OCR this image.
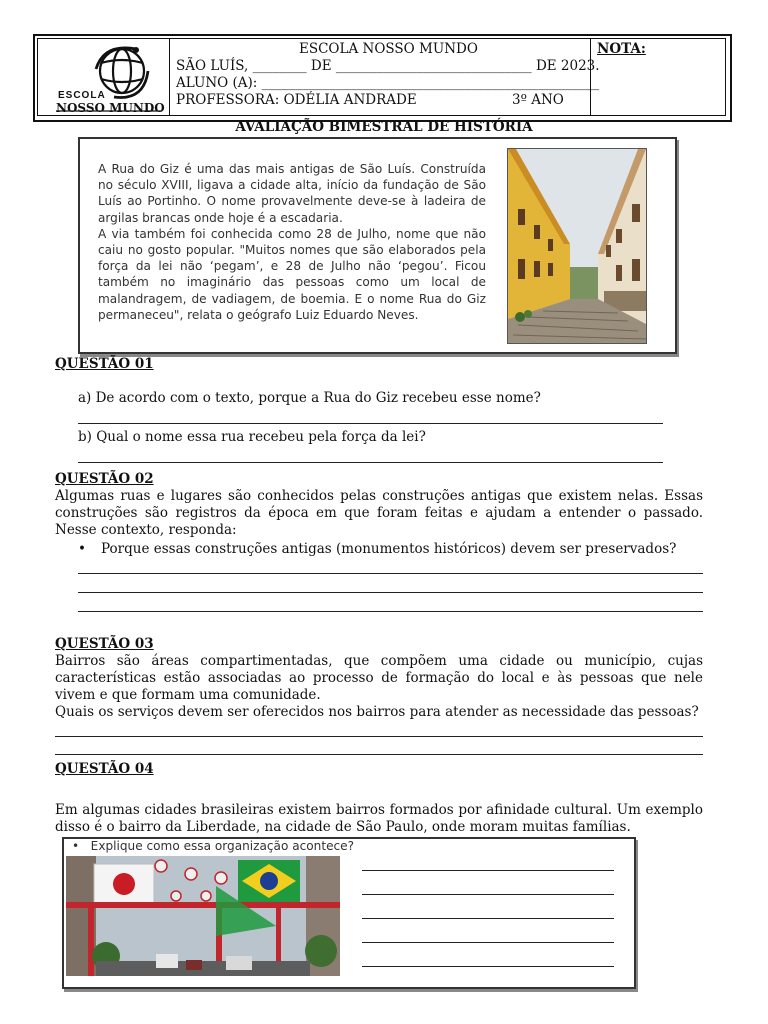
ESCOLA
NOSSO MUNDO
ESCOLA NOSSO MUNDO
SÃO LUÍS, ________ DE _____________________________ DE 2023.
ALUNO (A): __________________________________________________
PROFESSORA: ODÉLIA ANDRADE	3º ANO
NOTA:
AVALIAÇÃO BIMESTRAL DE HISTÓRIA

A Rua do Giz é uma das mais antigas de São Luís. Construída no século XVIII, ligava a cidade alta, início da fundação de São Luís ao Portinho. O nome provavelmente deve-se à ladeira de argilas brancas onde hoje é a escadaria.

A via também foi conhecida como 28 de Julho, nome que não caiu no gosto popular. "Muitos nomes que são elaborados pela força da lei não ‘pegam’, e 28 de Julho não ‘pegou’. Ficou também no imaginário das pessoas como um local de malandragem, de vadiagem, de boemia. E o nome Rua do Giz permaneceu", relata o geógrafo Luiz Eduardo Neves.

QUESTÃO 01
a) De acordo com o texto, porque a Rua do Giz recebeu esse nome?
b) Qual o nome essa rua recebeu pela força da lei?
QUESTÃO 02
Algumas ruas e lugares são conhecidos pelas construções antigas que existem nelas. Essas construções são registros da época em que foram feitas e ajudam a entender o passado. Nesse contexto, responda:
• Porque essas construções antigas (monumentos históricos) devem ser preservados?
QUESTÃO 03
Bairros são áreas compartimentadas, que compõem uma cidade ou município, cujas características estão associadas ao processo de formação do local e às pessoas que nele vivem e que formam uma comunidade.
Quais os serviços devem ser oferecidos nos bairros para atender as necessidade das pessoas?
QUESTÃO 04
Em algumas cidades brasileiras existem bairros formados por afinidade cultural. Um exemplo disso é o bairro da Liberdade, na cidade de São Paulo, onde moram muitas famílias.
•   Explique como essa organização acontece?
